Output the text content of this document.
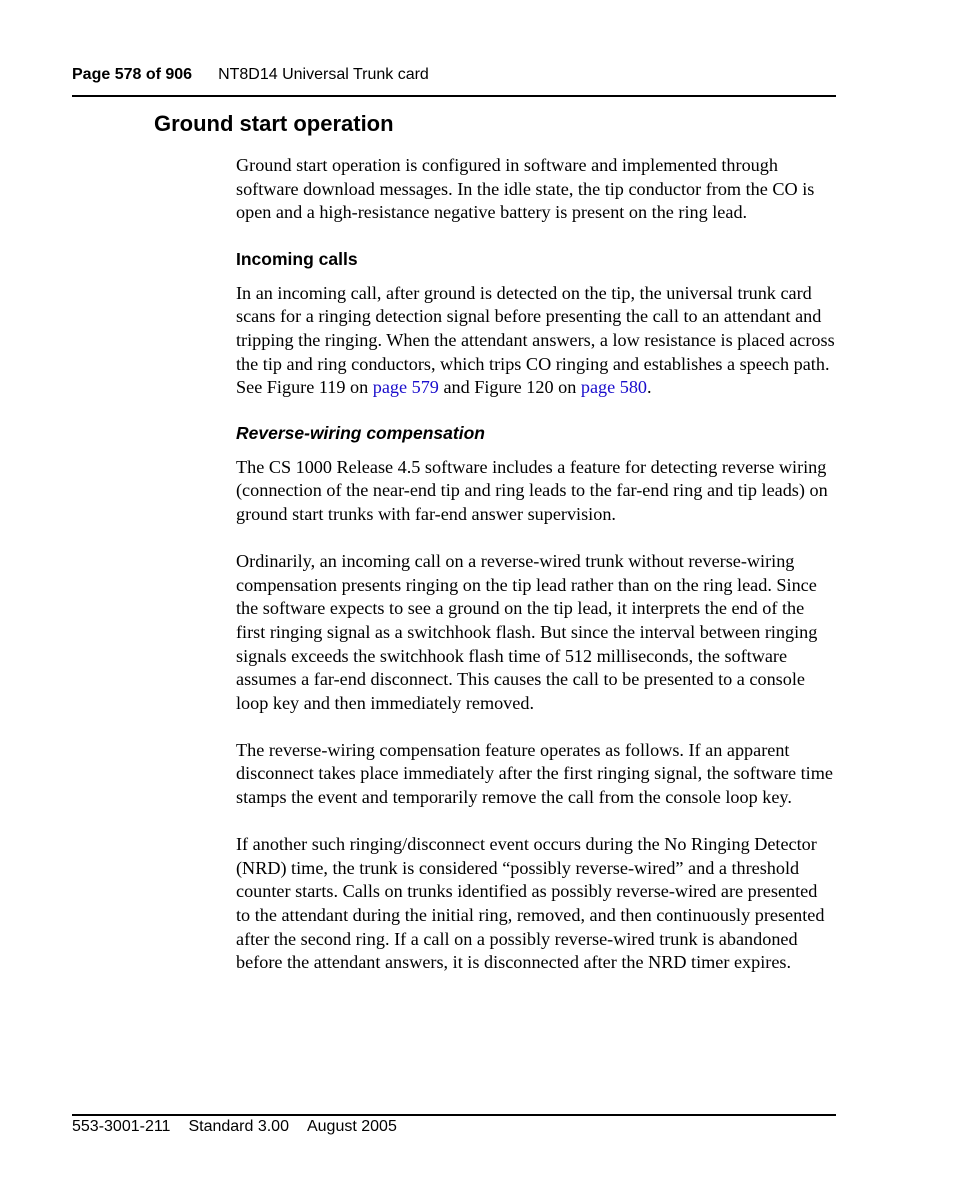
Page 578 of 906 NT8D14 Universal Trunk card
Ground start operation

Ground start operation is configured in software and implemented through software download messages. In the idle state, the tip conductor from the CO is open and a high-resistance negative battery is present on the ring lead.

Incoming calls

In an incoming call, after ground is detected on the tip, the universal trunk card scans for a ringing detection signal before presenting the call to an attendant and tripping the ringing. When the attendant answers, a low resistance is placed across the tip and ring conductors, which trips CO ringing and establishes a speech path. See Figure 119 on page 579 and Figure 120 on page 580.

Reverse-wiring compensation

The CS 1000 Release 4.5 software includes a feature for detecting reverse wiring (connection of the near-end tip and ring leads to the far-end ring and tip leads) on ground start trunks with far-end answer supervision.

Ordinarily, an incoming call on a reverse-wired trunk without reverse-wiring compensation presents ringing on the tip lead rather than on the ring lead. Since the software expects to see a ground on the tip lead, it interprets the end of the first ringing signal as a switchhook flash. But since the interval between ringing signals exceeds the switchhook flash time of 512 milliseconds, the software assumes a far-end disconnect. This causes the call to be presented to a console loop key and then immediately removed.

The reverse-wiring compensation feature operates as follows. If an apparent disconnect takes place immediately after the first ringing signal, the software time stamps the event and temporarily remove the call from the console loop key.

If another such ringing/disconnect event occurs during the No Ringing Detector (NRD) time, the trunk is considered “possibly reverse-wired” and a threshold counter starts. Calls on trunks identified as possibly reverse-wired are presented to the attendant during the initial ring, removed, and then continuously presented after the second ring. If a call on a possibly reverse-wired trunk is abandoned before the attendant answers, it is disconnected after the NRD timer expires.

553-3001-211 Standard 3.00 August 2005
